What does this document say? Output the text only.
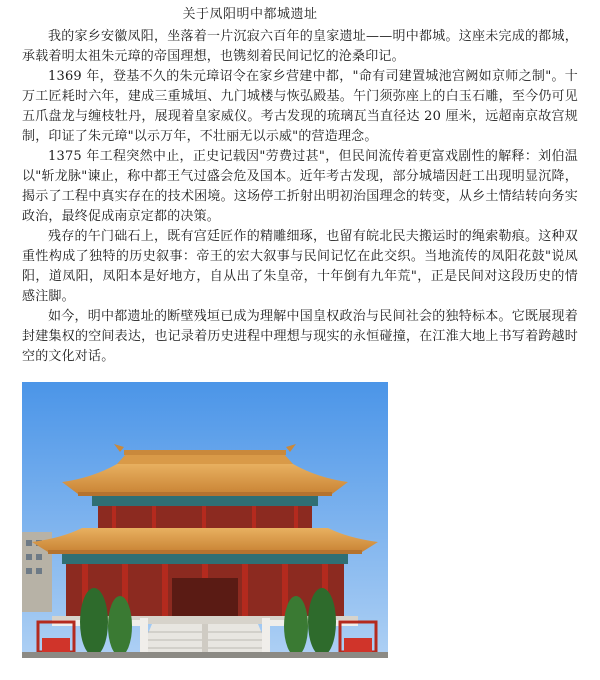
关于凤阳明中都城遗址

我的家乡安徽凤阳，坐落着一片沉寂六百年的皇家遗址——明中都城。这座未完成的都城，承载着明太祖朱元璋的帝国理想，也镌刻着民间记忆的沧桑印记。

1369 年，登基不久的朱元璋诏令在家乡营建中都，"命有司建置城池宫阙如京师之制"。十万工匠耗时六年，建成三重城垣、九门城楼与恢弘殿基。午门须弥座上的白玉石雕，至今仍可见五爪盘龙与缠枝牡丹，展现着皇家威仪。考古发现的琉璃瓦当直径达 20 厘米，远超南京故宫规制，印证了朱元璋"以示万年，不壮丽无以示威"的营造理念。

1375 年工程突然中止，正史记载因"劳费过甚"，但民间流传着更富戏剧性的解释：刘伯温以"斩龙脉"谏止，称中都王气过盛会危及国本。近年考古发现，部分城墙因赶工出现明显沉降，揭示了工程中真实存在的技术困境。这场停工折射出明初治国理念的转变，从乡土情结转向务实政治，最终促成南京定都的决策。

残存的午门础石上，既有宫廷匠作的精雕细琢，也留有皖北民夫搬运时的绳索勒痕。这种双重性构成了独特的历史叙事：帝王的宏大叙事与民间记忆在此交织。当地流传的凤阳花鼓"说凤阳，道凤阳，凤阳本是好地方，自从出了朱皇帝，十年倒有九年荒"，正是民间对这段历史的情感注脚。

如今，明中都遗址的断壁残垣已成为理解中国皇权政治与民间社会的独特标本。它既展现着封建集权的空间表达，也记录着历史进程中理想与现实的永恒碰撞，在江淮大地上书写着跨越时空的文化对话。
